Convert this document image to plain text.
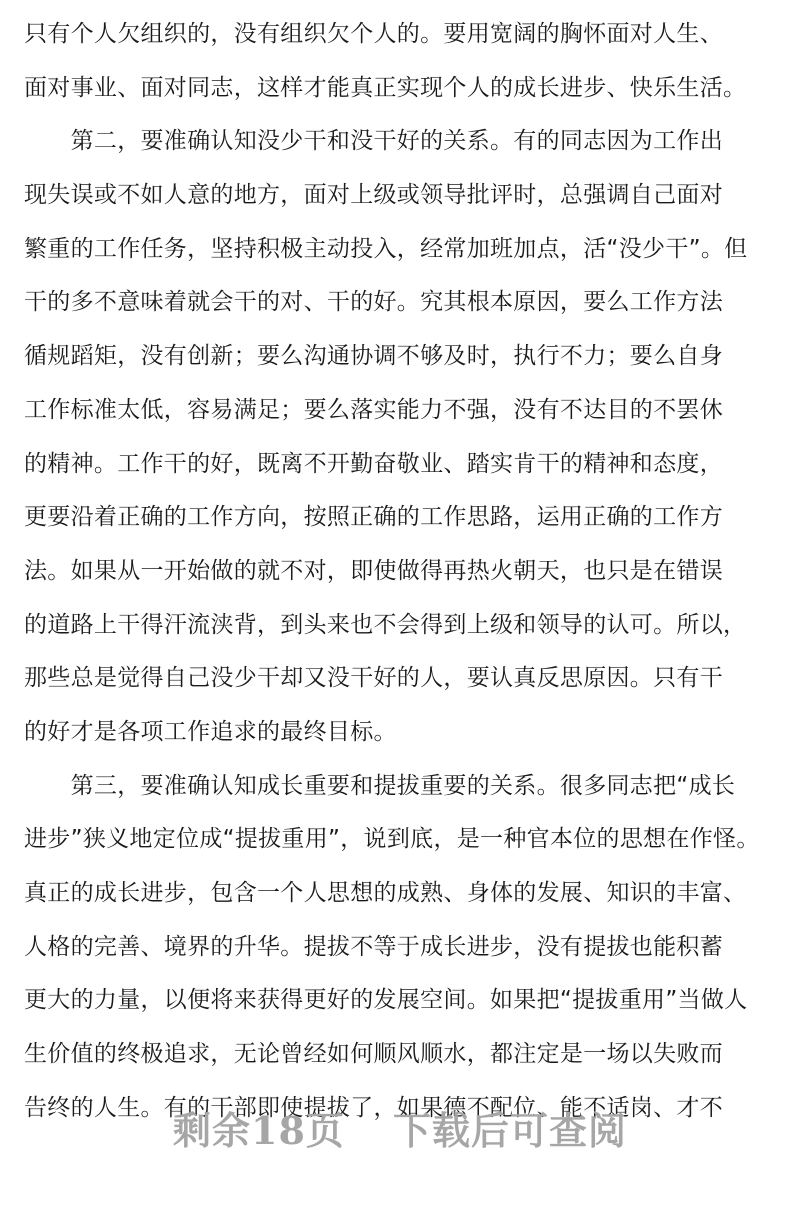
只有个人欠组织的，没有组织欠个人的。要用宽阔的胸怀面对人生、
面对事业、面对同志，这样才能真正实现个人的成长进步、快乐生活。
　　第二，要准确认知没少干和没干好的关系。有的同志因为工作出
现失误或不如人意的地方，面对上级或领导批评时，总强调自己面对
繁重的工作任务，坚持积极主动投入，经常加班加点，活“没少干”。但
干的多不意味着就会干的对、干的好。究其根本原因，要么工作方法
循规蹈矩，没有创新；要么沟通协调不够及时，执行不力；要么自身
工作标准太低，容易满足；要么落实能力不强，没有不达目的不罢休
的精神。工作干的好，既离不开勤奋敬业、踏实肯干的精神和态度，
更要沿着正确的工作方向，按照正确的工作思路，运用正确的工作方
法。如果从一开始做的就不对，即使做得再热火朝天，也只是在错误
的道路上干得汗流浃背，到头来也不会得到上级和领导的认可。所以，
那些总是觉得自己没少干却又没干好的人，要认真反思原因。只有干
的好才是各项工作追求的最终目标。
　　第三，要准确认知成长重要和提拔重要的关系。很多同志把“成长
进步”狭义地定位成“提拔重用”，说到底，是一种官本位的思想在作怪。
真正的成长进步，包含一个人思想的成熟、身体的发展、知识的丰富、
人格的完善、境界的升华。提拔不等于成长进步，没有提拔也能积蓄
更大的力量，以便将来获得更好的发展空间。如果把“提拔重用”当做人
生价值的终极追求，无论曾经如何顺风顺水，都注定是一场以失败而
告终的人生。有的干部即使提拔了，如果德不配位、能不适岗、才不
剩余18页 下载后可查阅
